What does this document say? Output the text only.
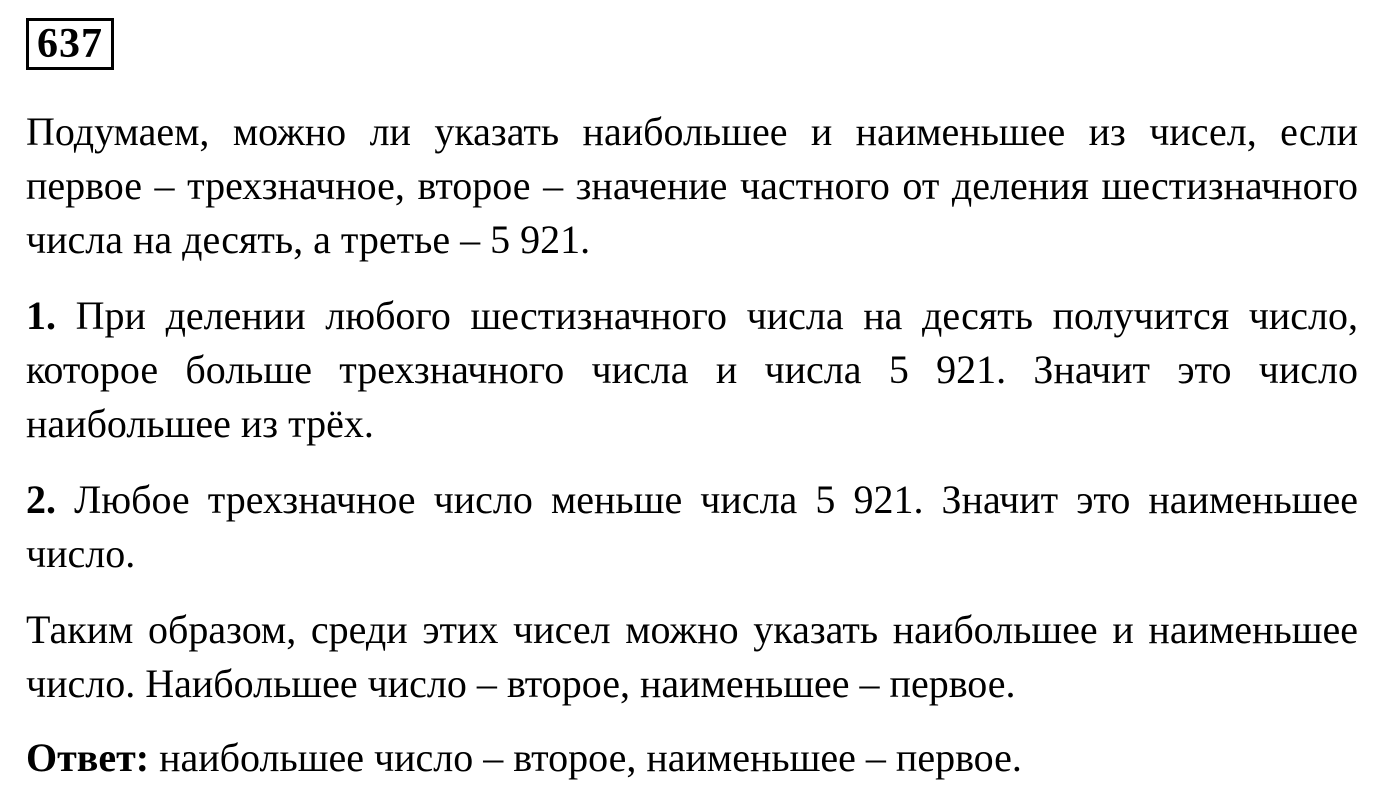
637

Подумаем, можно ли указать наибольшее и наименьшее из чисел, если первое – трехзначное, второе – значение частного от деления шестизначного числа на десять, а третье – 5 921.

1. При делении любого шестизначного числа на десять получится число, которое больше трехзначного числа и числа 5 921. Значит это число наибольшее из трёх.

2. Любое трехзначное число меньше числа 5 921. Значит это наименьшее число.

Таким образом, среди этих чисел можно указать наибольшее и наименьшее число. Наибольшее число – второе, наименьшее – первое.

Ответ: наибольшее число – второе, наименьшее – первое.
